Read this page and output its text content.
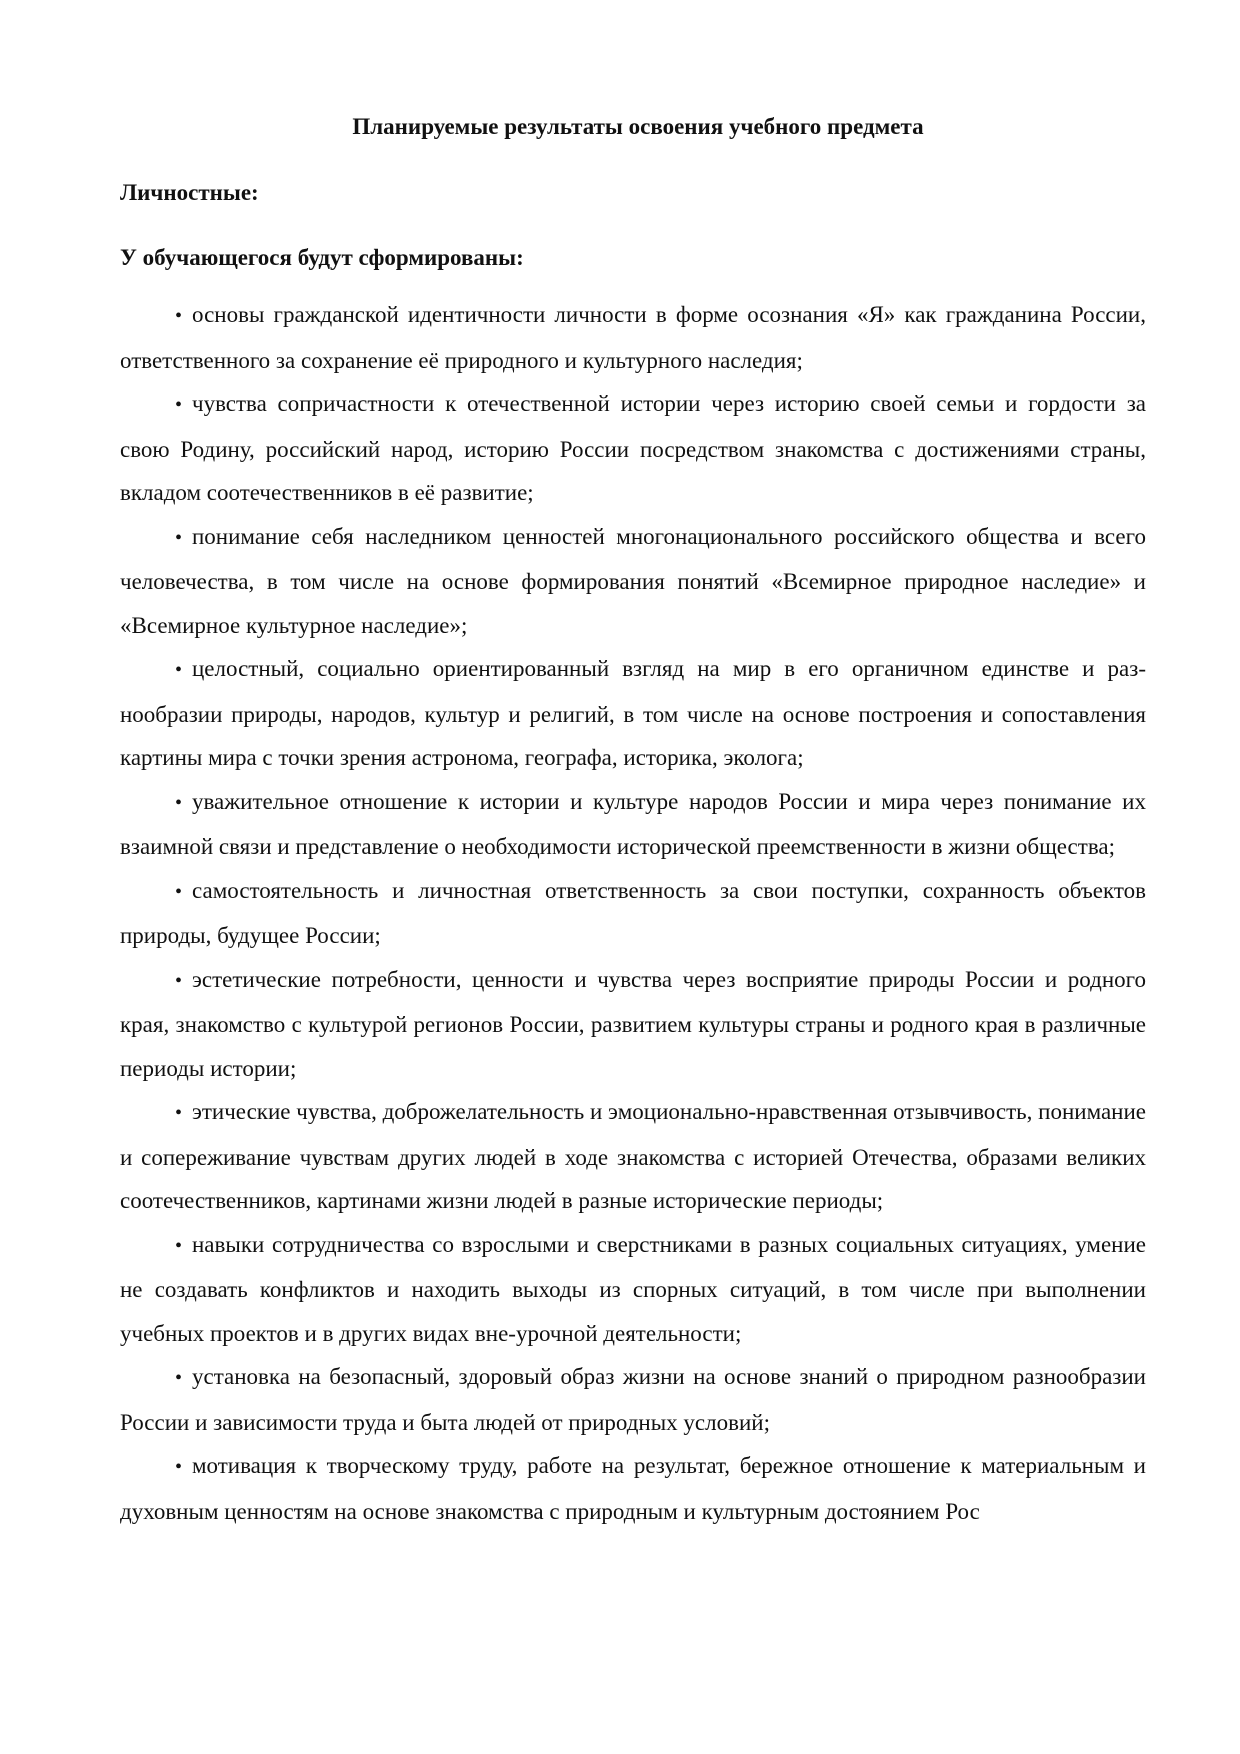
Планируемые результаты освоения учебного предмета
Личностные:
У обучающегося будут сформированы:
• основы гражданской идентичности личности в форме осознания «Я» как гражданина России, ответственного за сохранение её природного и культурного наследия;
• чувства сопричастности к отечественной истории через историю своей семьи и гордости за свою Родину, российский народ, историю России посредством знакомства с достижениями страны, вкладом соотечественников в её развитие;
• понимание себя наследником ценностей многонационального российского общества и всего человечества, в том числе на основе формирования понятий «Всемирное природное наследие» и «Всемирное культурное наследие»;
• целостный, социально ориентированный взгляд на мир в его органичном единстве и разнообразии природы, народов, культур и религий, в том числе на основе построения и сопоставления картины мира с точки зрения астронома, географа, историка, эколога;
• уважительное отношение к истории и культуре народов России и мира через понимание их взаимной связи и представление о необходимости исторической преемственности в жизни общества;
• самостоятельность и личностная ответственность за свои поступки, сохранность объектов природы, будущее России;
• эстетические потребности, ценности и чувства через восприятие природы России и родного края, знакомство с культурой регионов России, развитием культуры страны и родного края в различные периоды истории;
• этические чувства, доброжелательность и эмоционально-нравственная отзывчивость, понимание и сопереживание чувствам других людей в ходе знакомства с историей Отечества, образами великих соотечественников, картинами жизни людей в разные исторические периоды;
• навыки сотрудничества со взрослыми и сверстниками в разных социальных ситуациях, умение не создавать конфликтов и находить выходы из спорных ситуаций, в том числе при выполнении учебных проектов и в других видах вне-урочной деятельности;
• установка на безопасный, здоровый образ жизни на основе знаний о природном разнообразии России и зависимости труда и быта людей от природных условий;
• мотивация к творческому труду, работе на результат, бережное отношение к материальным и духовным ценностям на основе знакомства с природным и культурным достоянием Рос
